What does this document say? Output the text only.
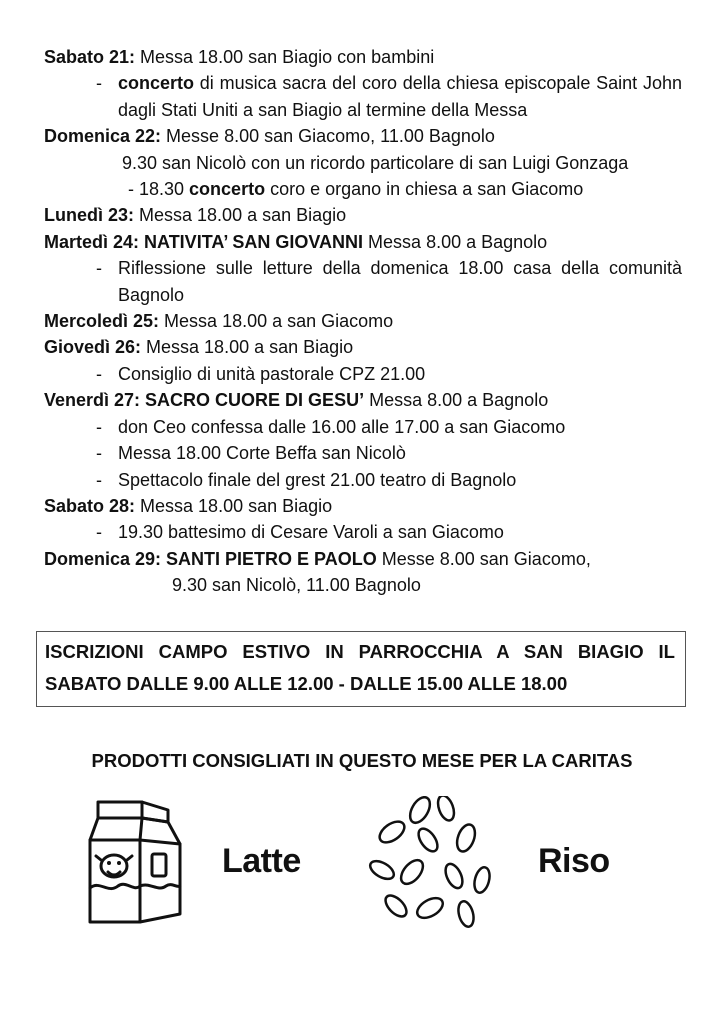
Sabato 21: Messa 18.00 san Biagio con bambini
- concerto di musica sacra del coro della chiesa episcopale Saint John dagli Stati Uniti a san Biagio al termine della Messa
Domenica 22: Messe 8.00 san Giacomo, 11.00 Bagnolo
9.30 san Nicolò con un ricordo particolare di san Luigi Gonzaga
- 18.30 concerto coro e organo in chiesa a san Giacomo
Lunedì 23: Messa 18.00 a san Biagio
Martedì 24: NATIVITA’ SAN GIOVANNI Messa 8.00 a Bagnolo
- Riflessione sulle letture della domenica 18.00 casa della comunità Bagnolo
Mercoledì 25: Messa 18.00 a san Giacomo
Giovedì 26: Messa 18.00 a san Biagio
- Consiglio di unità pastorale CPZ 21.00
Venerdì 27: SACRO CUORE DI GESU’ Messa 8.00 a Bagnolo
- don Ceo confessa dalle 16.00 alle 17.00 a san Giacomo
- Messa 18.00 Corte Beffa san Nicolò
- Spettacolo finale del grest 21.00 teatro di Bagnolo
Sabato 28: Messa 18.00 san Biagio
- 19.30 battesimo di Cesare Varoli a san Giacomo
Domenica 29: SANTI PIETRO E PAOLO Messe 8.00 san Giacomo,
9.30 san Nicolò, 11.00 Bagnolo
ISCRIZIONI CAMPO ESTIVO IN PARROCCHIA A SAN BIAGIO IL SABATO DALLE 9.00 ALLE 12.00 - DALLE 15.00 ALLE 18.00
PRODOTTI CONSIGLIATI IN QUESTO MESE PER LA CARITAS
Latte	Riso
